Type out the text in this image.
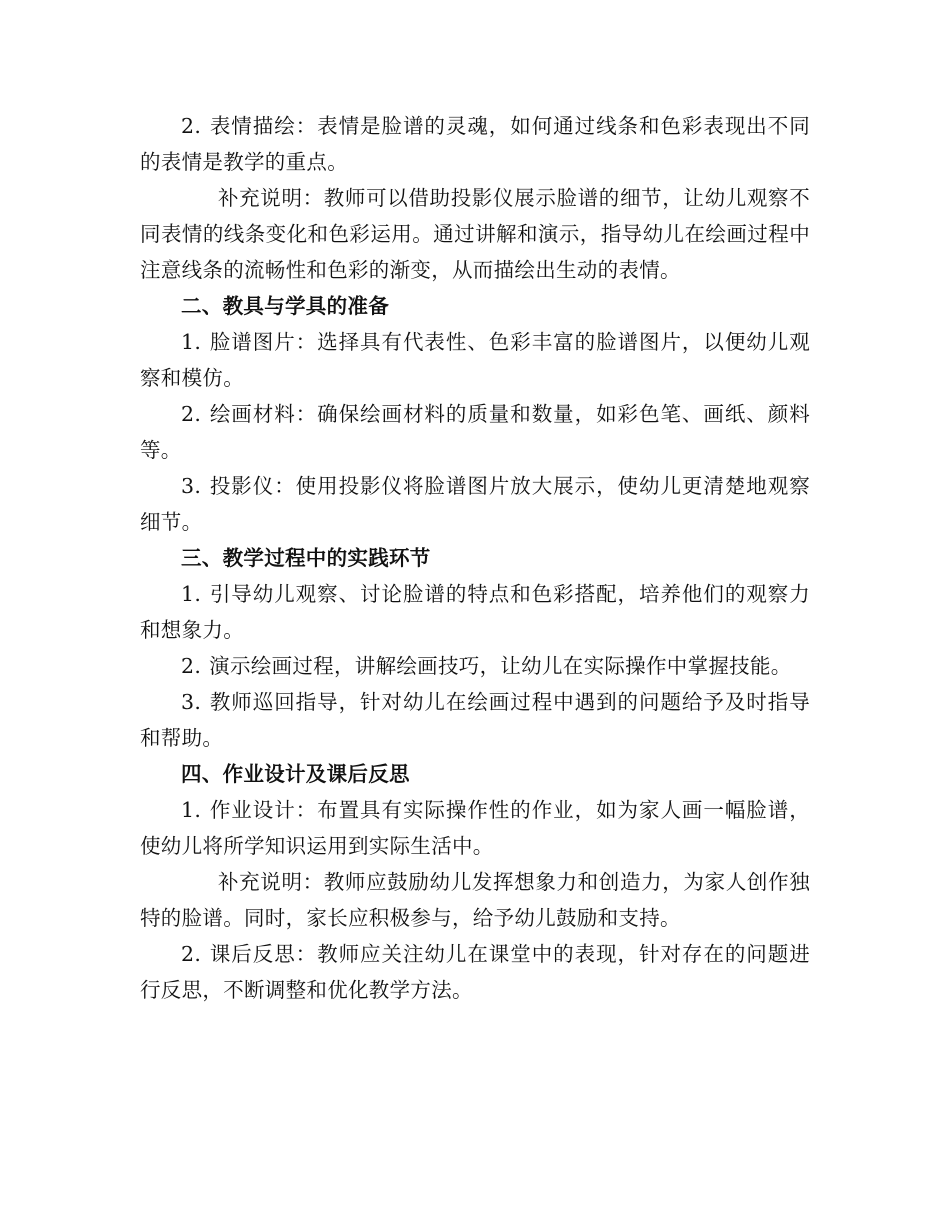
2. 表情描绘：表情是脸谱的灵魂，如何通过线条和色彩表现出不同的表情是教学的重点。

补充说明：教师可以借助投影仪展示脸谱的细节，让幼儿观察不同表情的线条变化和色彩运用。通过讲解和演示，指导幼儿在绘画过程中注意线条的流畅性和色彩的渐变，从而描绘出生动的表情。

二、教具与学具的准备

1. 脸谱图片：选择具有代表性、色彩丰富的脸谱图片，以便幼儿观察和模仿。

2. 绘画材料：确保绘画材料的质量和数量，如彩色笔、画纸、颜料等。

3. 投影仪：使用投影仪将脸谱图片放大展示，使幼儿更清楚地观察细节。

三、教学过程中的实践环节

1. 引导幼儿观察、讨论脸谱的特点和色彩搭配，培养他们的观察力和想象力。

2. 演示绘画过程，讲解绘画技巧，让幼儿在实际操作中掌握技能。

3. 教师巡回指导，针对幼儿在绘画过程中遇到的问题给予及时指导和帮助。

四、作业设计及课后反思

1. 作业设计：布置具有实际操作性的作业，如为家人画一幅脸谱，使幼儿将所学知识运用到实际生活中。

补充说明：教师应鼓励幼儿发挥想象力和创造力，为家人创作独特的脸谱。同时，家长应积极参与，给予幼儿鼓励和支持。

2. 课后反思：教师应关注幼儿在课堂中的表现，针对存在的问题进行反思，不断调整和优化教学方法。
